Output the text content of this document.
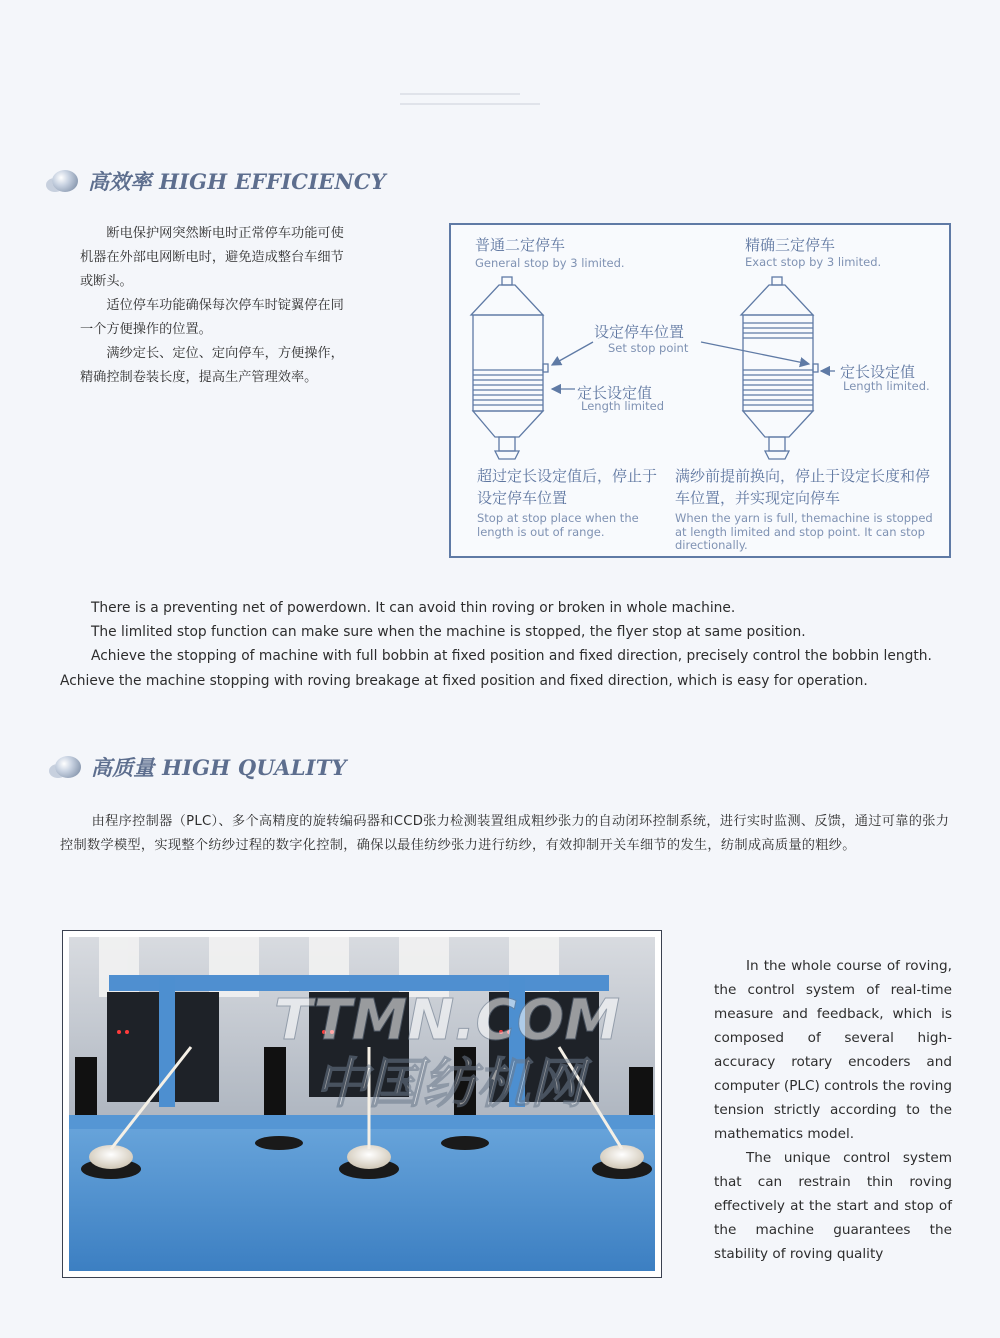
高效率 HIGH EFFICIENCY

断电保护网突然断电时正常停车功能可使机器在外部电网断电时，避免造成整台车细节或断头。

适位停车功能确保每次停车时锭翼停在同一个方便操作的位置。

满纱定长、定位、定向停车，方便操作，精确控制卷装长度，提高生产管理效率。

普通二定停车
General stop by 3 limited.
精确三定停车
Exact stop by 3 limited.
设定停车位置
Set stop point
定长设定值
Length limited
定长设定值
Length limited.
超过定长设定值后，停止于设定停车位置
Stop at stop place when the length is out of range.
满纱前提前换向，停止于设定长度和停车位置，并实现定向停车
When the yarn is full, themachine is stopped at length limited and stop point. It can stop directionally.

There is a preventing net of powerdown. It can avoid thin roving or broken in whole machine.

The limlited stop function can make sure when the machine is stopped, the flyer stop at same position.

Achieve the stopping of machine with full bobbin at fixed position and fixed direction, precisely control the bobbin length.

Achieve the machine stopping with roving breakage at fixed position and fixed direction, which is easy for operation.

高质量 HIGH QUALITY

由程序控制器（PLC）、多个高精度的旋转编码器和CCD张力检测装置组成粗纱张力的自动闭环控制系统，进行实时监测、反馈，通过可靠的张力控制数学模型，实现整个纺纱过程的数字化控制，确保以最佳纺纱张力进行纺纱，有效抑制开关车细节的发生，纺制成高质量的粗纱。

TTMN.COM
中国纺机网

In the whole course of roving, the control system of real-time measure and feedback, which is composed of several high-accuracy rotary encoders and computer (PLC) controls the roving tension strictly according to the mathematics model.

The unique control system that can restrain thin roving effectively at the start and stop of the machine guarantees the stability of roving quality
